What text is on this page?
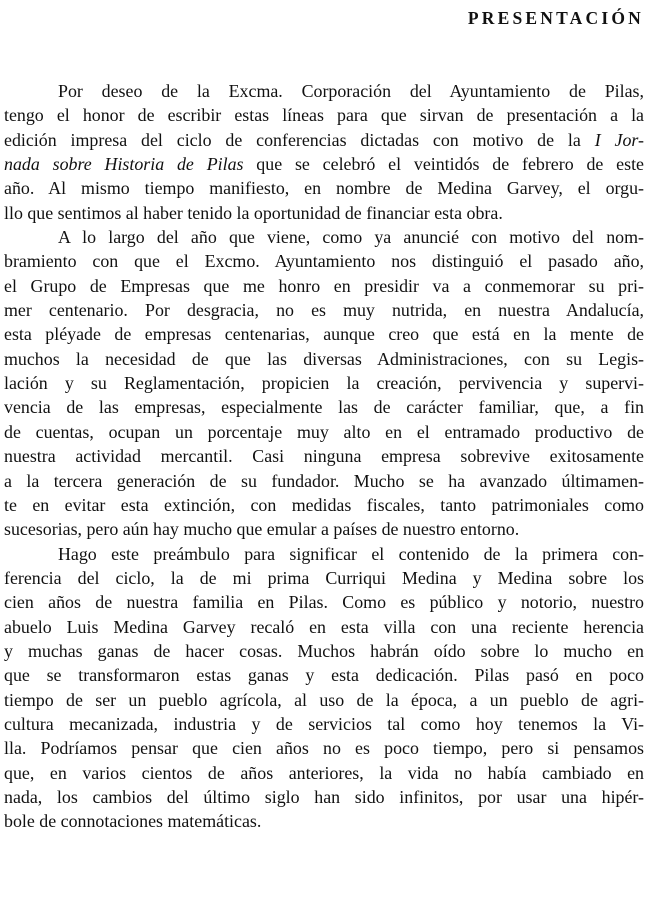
PRESENTACIÓN

Por deseo de la Excma. Corporación del Ayuntamiento de Pilas,
tengo el honor de escribir estas líneas para que sirvan de presentación a la
edición impresa del ciclo de conferencias dictadas con motivo de la I Jor-
nada sobre Historia de Pilas que se celebró el veintidós de febrero de este
año. Al mismo tiempo manifiesto, en nombre de Medina Garvey, el orgu-
llo que sentimos al haber tenido la oportunidad de financiar esta obra.

A lo largo del año que viene, como ya anuncié con motivo del nom-
bramiento con que el Excmo. Ayuntamiento nos distinguió el pasado año,
el Grupo de Empresas que me honro en presidir va a conmemorar su pri-
mer centenario. Por desgracia, no es muy nutrida, en nuestra Andalucía,
esta pléyade de empresas centenarias, aunque creo que está en la mente de
muchos la necesidad de que las diversas Administraciones, con su Legis-
lación y su Reglamentación, propicien la creación, pervivencia y supervi-
vencia de las empresas, especialmente las de carácter familiar, que, a fin
de cuentas, ocupan un porcentaje muy alto en el entramado productivo de
nuestra actividad mercantil. Casi ninguna empresa sobrevive exitosamente
a la tercera generación de su fundador. Mucho se ha avanzado últimamen-
te en evitar esta extinción, con medidas fiscales, tanto patrimoniales como
sucesorias, pero aún hay mucho que emular a países de nuestro entorno.

Hago este preámbulo para significar el contenido de la primera con-
ferencia del ciclo, la de mi prima Curriqui Medina y Medina sobre los
cien años de nuestra familia en Pilas. Como es público y notorio, nuestro
abuelo Luis Medina Garvey recaló en esta villa con una reciente herencia
y muchas ganas de hacer cosas. Muchos habrán oído sobre lo mucho en
que se transformaron estas ganas y esta dedicación. Pilas pasó en poco
tiempo de ser un pueblo agrícola, al uso de la época, a un pueblo de agri-
cultura mecanizada, industria y de servicios tal como hoy tenemos la Vi-
lla. Podríamos pensar que cien años no es poco tiempo, pero si pensamos
que, en varios cientos de años anteriores, la vida no había cambiado en
nada, los cambios del último siglo han sido infinitos, por usar una hipér-
bole de connotaciones matemáticas.
